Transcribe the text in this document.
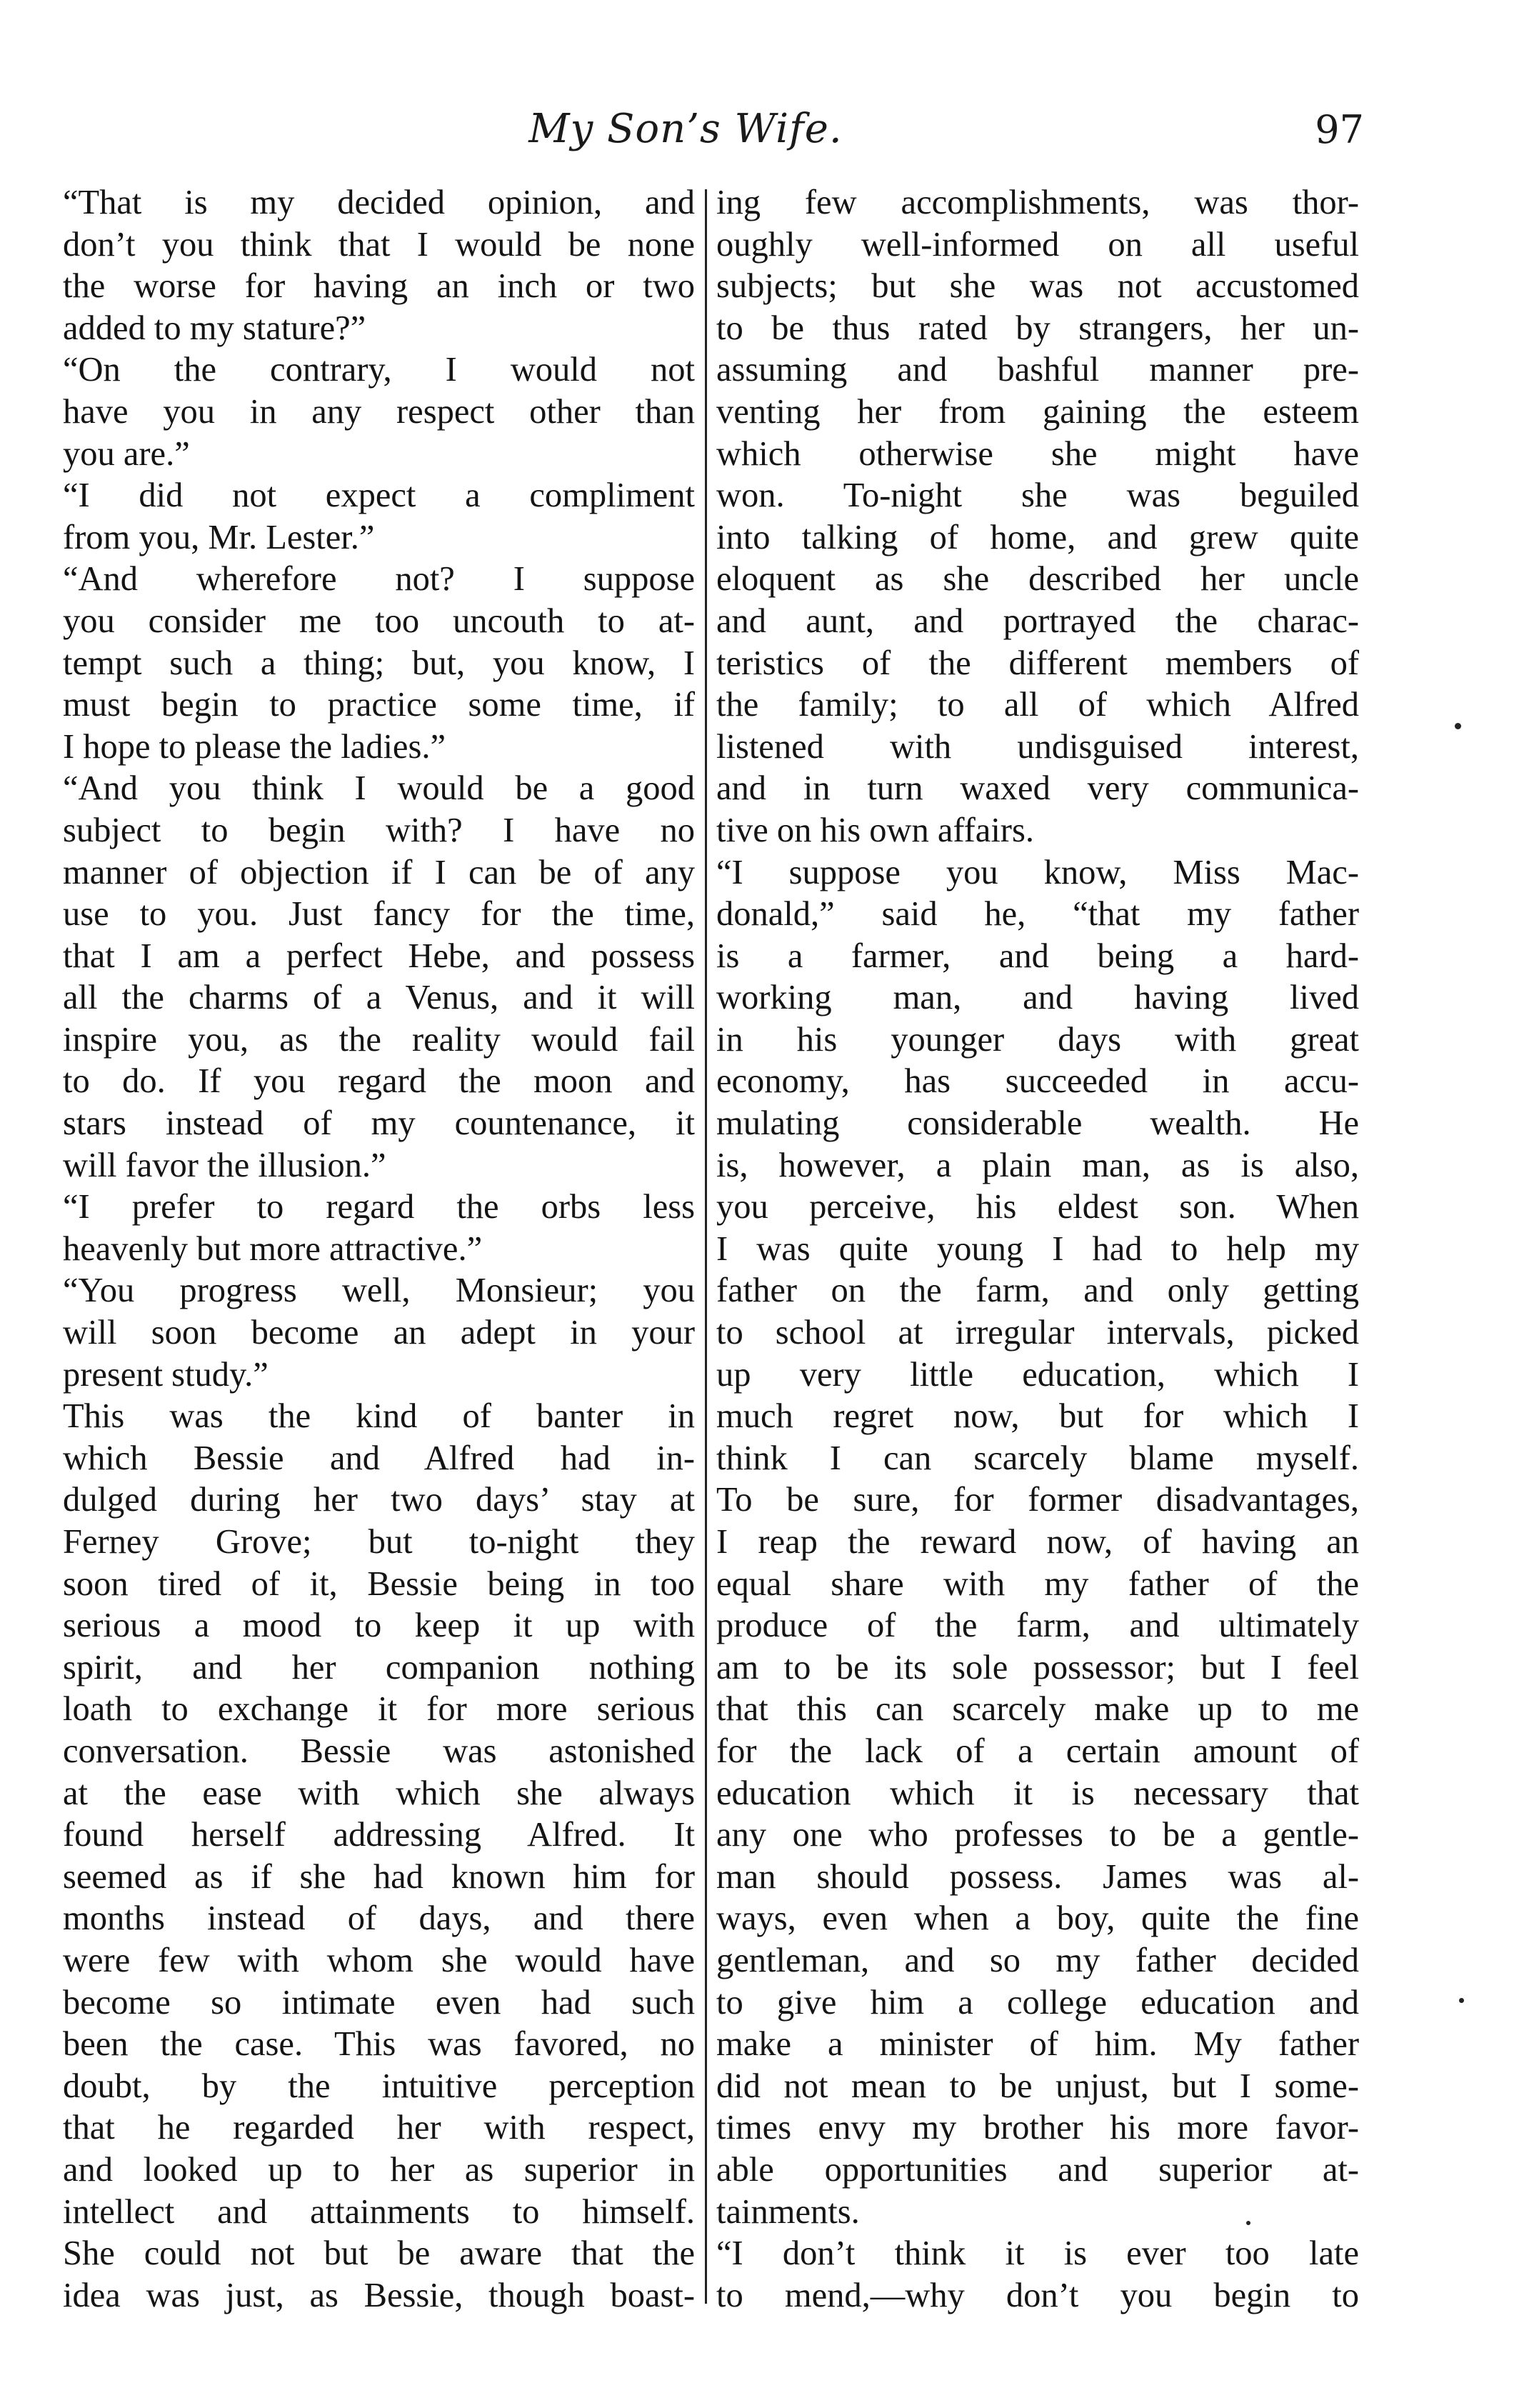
My Son’s Wife.	97
“That is my decided opinion, and
don’t you think that I would be none
the worse for having an inch or two
added to my stature?”
“On the contrary, I would not
have you in any respect other than
you are.”
“I did not expect a compliment
from you, Mr. Lester.”
“And wherefore not? I suppose
you consider me too uncouth to at-
tempt such a thing; but, you know, I
must begin to practice some time, if
I hope to please the ladies.”
“And you think I would be a good
subject to begin with? I have no
manner of objection if I can be of any
use to you. Just fancy for the time,
that I am a perfect Hebe, and possess
all the charms of a Venus, and it will
inspire you, as the reality would fail
to do. If you regard the moon and
stars instead of my countenance, it
will favor the illusion.”
“I prefer to regard the orbs less
heavenly but more attractive.”
“You progress well, Monsieur; you
will soon become an adept in your
present study.”
This was the kind of banter in
which Bessie and Alfred had in-
dulged during her two days’ stay at
Ferney Grove; but to-night they
soon tired of it, Bessie being in too
serious a mood to keep it up with
spirit, and her companion nothing
loath to exchange it for more serious
conversation. Bessie was astonished
at the ease with which she always
found herself addressing Alfred. It
seemed as if she had known him for
months instead of days, and there
were few with whom she would have
become so intimate even had such
been the case. This was favored, no
doubt, by the intuitive perception
that he regarded her with respect,
and looked up to her as superior in
intellect and attainments to himself.
She could not but be aware that the
idea was just, as Bessie, though boast-
ing few accomplishments, was thor-
oughly well-informed on all useful
subjects; but she was not accustomed
to be thus rated by strangers, her un-
assuming and bashful manner pre-
venting her from gaining the esteem
which otherwise she might have
won. To-night she was beguiled
into talking of home, and grew quite
eloquent as she described her uncle
and aunt, and portrayed the charac-
teristics of the different members of
the family; to all of which Alfred
listened with undisguised interest,
and in turn waxed very communica-
tive on his own affairs.
“I suppose you know, Miss Mac-
donald,” said he, “that my father
is a farmer, and being a hard-
working man, and having lived
in his younger days with great
economy, has succeeded in accu-
mulating considerable wealth. He
is, however, a plain man, as is also,
you perceive, his eldest son. When
I was quite young I had to help my
father on the farm, and only getting
to school at irregular intervals, picked
up very little education, which I
much regret now, but for which I
think I can scarcely blame myself.
To be sure, for former disadvantages,
I reap the reward now, of having an
equal share with my father of the
produce of the farm, and ultimately
am to be its sole possessor; but I feel
that this can scarcely make up to me
for the lack of a certain amount of
education which it is necessary that
any one who professes to be a gentle-
man should possess. James was al-
ways, even when a boy, quite the fine
gentleman, and so my father decided
to give him a college education and
make a minister of him. My father
did not mean to be unjust, but I some-
times envy my brother his more favor-
able opportunities and superior at-
tainments.
“I don’t think it is ever too late
to mend,—why don’t you begin to
